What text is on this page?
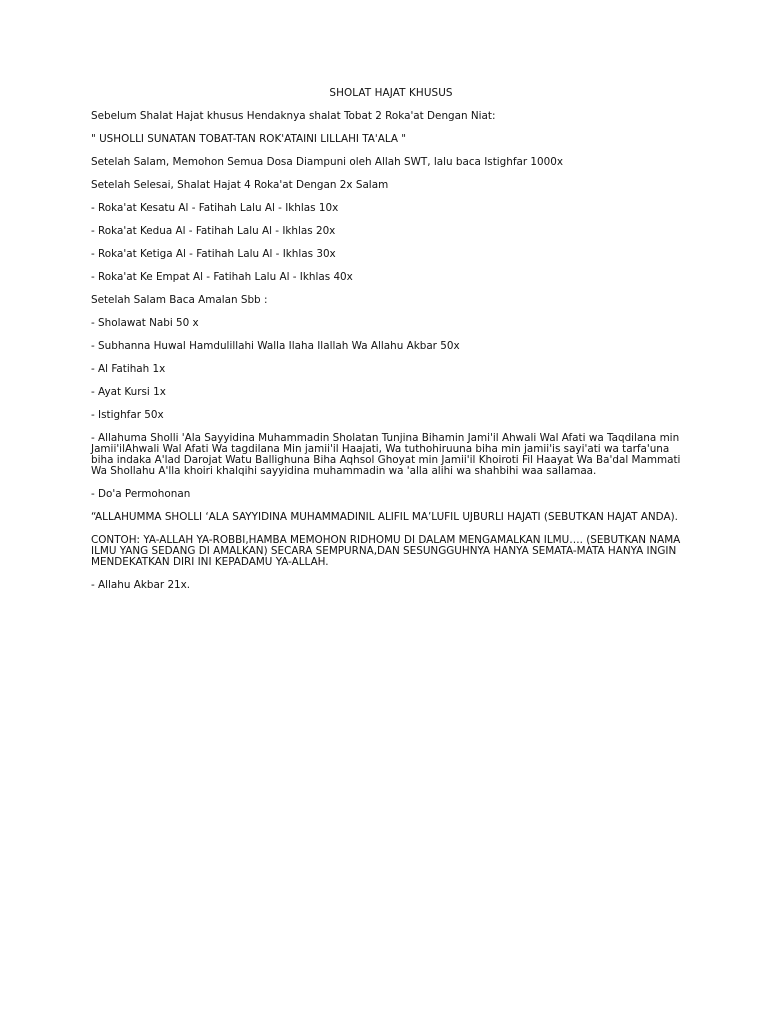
SHOLAT HAJAT KHUSUS
Sebelum Shalat Hajat khusus Hendaknya shalat Tobat 2 Roka'at Dengan Niat:
" USHOLLI SUNATAN TOBAT-TAN ROK'ATAINI LILLAHI TA'ALA "
Setelah Salam, Memohon Semua Dosa Diampuni oleh Allah SWT, lalu baca Istighfar 1000x
Setelah Selesai, Shalat Hajat 4 Roka'at Dengan 2x Salam
- Roka'at Kesatu Al - Fatihah Lalu Al - Ikhlas 10x
- Roka'at Kedua Al - Fatihah Lalu Al - Ikhlas 20x
- Roka'at Ketiga Al - Fatihah Lalu Al - Ikhlas 30x
- Roka'at Ke Empat Al - Fatihah Lalu Al - Ikhlas 40x
Setelah Salam Baca Amalan Sbb :
- Sholawat Nabi 50 x
- Subhanna Huwal Hamdulillahi Walla Ilaha Ilallah Wa Allahu Akbar 50x
- Al Fatihah 1x
- Ayat Kursi 1x
- Istighfar 50x
- Allahuma Sholli 'Ala Sayyidina Muhammadin Sholatan Tunjina Bihamin Jami'il Ahwali Wal Afati wa Taqdilana min Jamii'ilAhwali Wal Afati Wa tagdilana Min jamii'il Haajati, Wa tuthohiruuna biha min jamii'is sayi'ati wa tarfa'una biha indaka A'lad Darojat Watu Ballighuna Biha Aqhsol Ghoyat min Jamii'il Khoiroti Fil Haayat Wa Ba'dal Mammati Wa Shollahu A'lla khoiri khalqihi sayyidina muhammadin wa 'alla alihi wa shahbihi waa sallamaa.
- Do'a Permohonan
“ALLAHUMMA SHOLLI ‘ALA SAYYIDINA MUHAMMADINIL ALIFIL MA’LUFIL UJBURLI HAJATI (SEBUTKAN HAJAT ANDA).
CONTOH: YA-ALLAH YA-ROBBI,HAMBA MEMOHON RIDHOMU DI DALAM MENGAMALKAN ILMU…. (SEBUTKAN NAMA ILMU YANG SEDANG DI AMALKAN) SECARA SEMPURNA,DAN SESUNGGUHNYA HANYA SEMATA-MATA HANYA INGIN MENDEKATKAN DIRI INI KEPADAMU YA-ALLAH.
- Allahu Akbar 21x.
